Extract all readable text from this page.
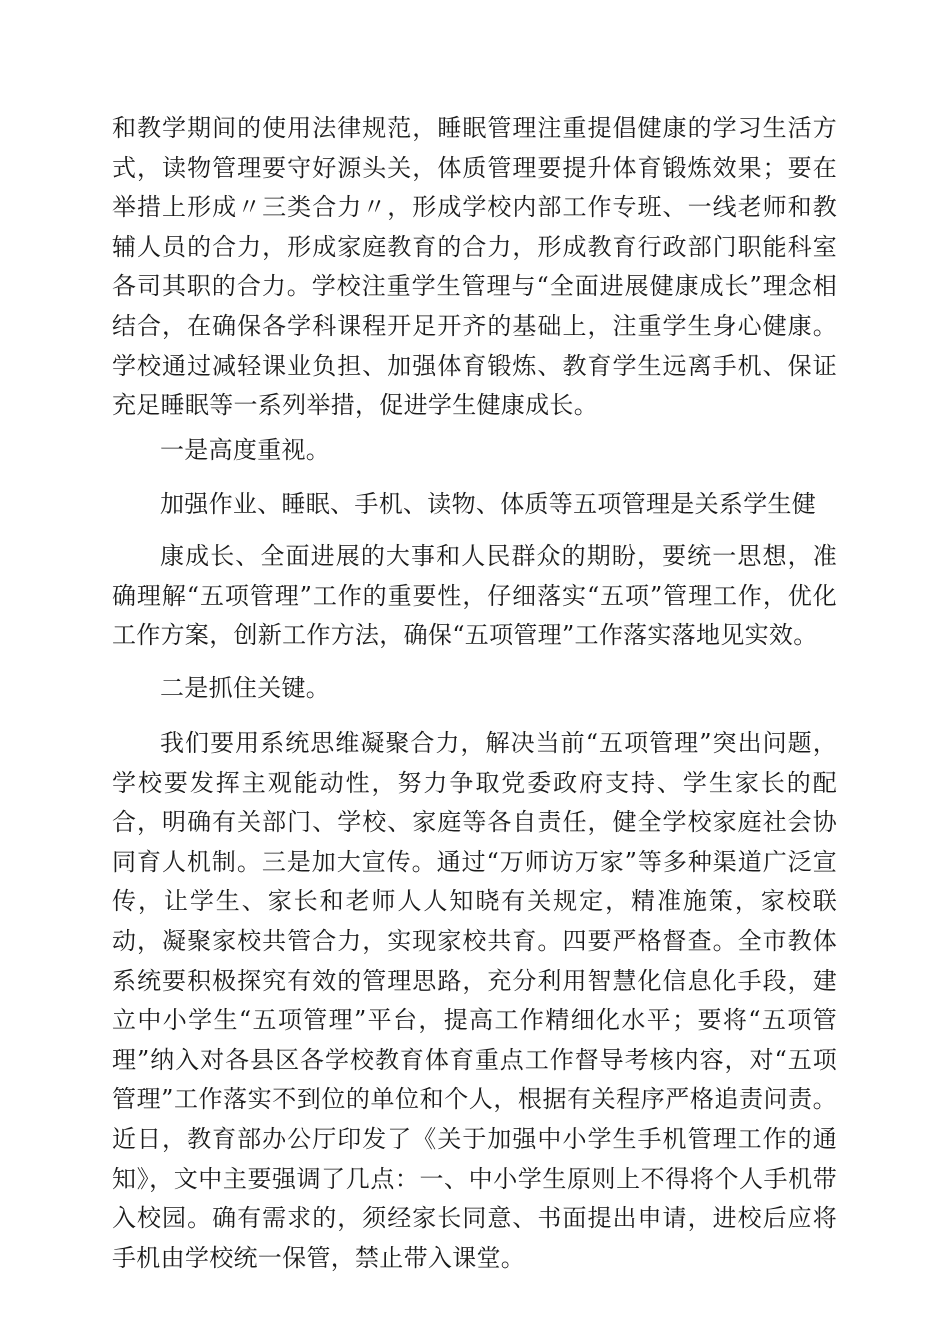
和教学期间的使用法律规范，睡眠管理注重提倡健康的学习生活方式，读物管理要守好源头关，体质管理要提升体育锻炼效果；要在举措上形成〃三类合力〃，形成学校内部工作专班、一线老师和教辅人员的合力，形成家庭教育的合力，形成教育行政部门职能科室各司其职的合力。学校注重学生管理与“全面进展健康成长”理念相结合，在确保各学科课程开足开齐的基础上，注重学生身心健康。学校通过减轻课业负担、加强体育锻炼、教育学生远离手机、保证充足睡眠等一系列举措，促进学生健康成长。

一是高度重视。

加强作业、睡眠、手机、读物、体质等五项管理是关系学生健

康成长、全面进展的大事和人民群众的期盼，要统一思想，准确理解“五项管理”工作的重要性，仔细落实“五项”管理工作，优化工作方案，创新工作方法，确保“五项管理”工作落实落地见实效。

二是抓住关键。

我们要用系统思维凝聚合力，解决当前“五项管理”突出问题，学校要发挥主观能动性，努力争取党委政府支持、学生家长的配合，明确有关部门、学校、家庭等各自责任，健全学校家庭社会协同育人机制。三是加大宣传。通过“万师访万家”等多种渠道广泛宣传，让学生、家长和老师人人知晓有关规定，精准施策，家校联动，凝聚家校共管合力，实现家校共育。四要严格督查。全市教体系统要积极探究有效的管理思路，充分利用智慧化信息化手段，建立中小学生“五项管理”平台，提高工作精细化水平；要将“五项管理”纳入对各县区各学校教育体育重点工作督导考核内容，对“五项管理”工作落实不到位的单位和个人，根据有关程序严格追责问责。近日，教育部办公厅印发了《关于加强中小学生手机管理工作的通知》，文中主要强调了几点：一、中小学生原则上不得将个人手机带入校园。确有需求的，须经家长同意、书面提出申请，进校后应将手机由学校统一保管，禁止带入课堂。
